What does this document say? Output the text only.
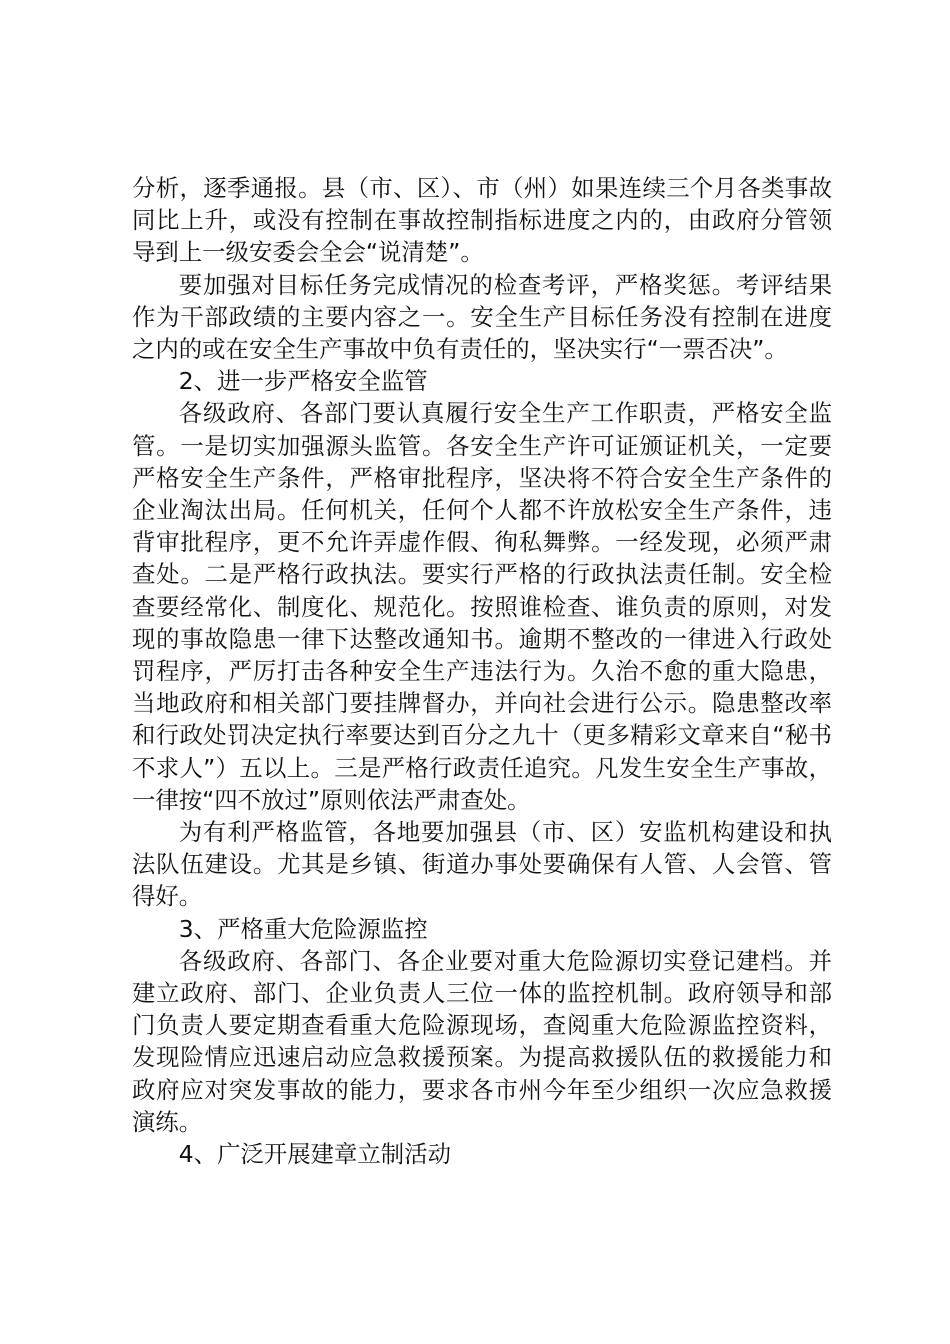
分析，逐季通报。县（市、区）、市（州）如果连续三个月各类事故同比上升，或没有控制在事故控制指标进度之内的，由政府分管领导到上一级安委会全会“说清楚”。

要加强对目标任务完成情况的检查考评，严格奖惩。考评结果作为干部政绩的主要内容之一。安全生产目标任务没有控制在进度之内的或在安全生产事故中负有责任的，坚决实行“一票否决”。

2、进一步严格安全监管

各级政府、各部门要认真履行安全生产工作职责，严格安全监管。一是切实加强源头监管。各安全生产许可证颁证机关，一定要严格安全生产条件，严格审批程序，坚决将不符合安全生产条件的企业淘汰出局。任何机关，任何个人都不许放松安全生产条件，违背审批程序，更不允许弄虚作假、徇私舞弊。一经发现，必须严肃查处。二是严格行政执法。要实行严格的行政执法责任制。安全检查要经常化、制度化、规范化。按照谁检查、谁负责的原则，对发现的事故隐患一律下达整改通知书。逾期不整改的一律进入行政处罚程序，严厉打击各种安全生产违法行为。久治不愈的重大隐患，当地政府和相关部门要挂牌督办，并向社会进行公示。隐患整改率和行政处罚决定执行率要达到百分之九十（更多精彩文章来自“秘书不求人”）五以上。三是严格行政责任追究。凡发生安全生产事故，一律按“四不放过”原则依法严肃查处。

为有利严格监管，各地要加强县（市、区）安监机构建设和执法队伍建设。尤其是乡镇、街道办事处要确保有人管、人会管、管得好。

3、严格重大危险源监控

各级政府、各部门、各企业要对重大危险源切实登记建档。并建立政府、部门、企业负责人三位一体的监控机制。政府领导和部门负责人要定期查看重大危险源现场，查阅重大危险源监控资料，发现险情应迅速启动应急救援预案。为提高救援队伍的救援能力和政府应对突发事故的能力，要求各市州今年至少组织一次应急救援演练。

4、广泛开展建章立制活动
